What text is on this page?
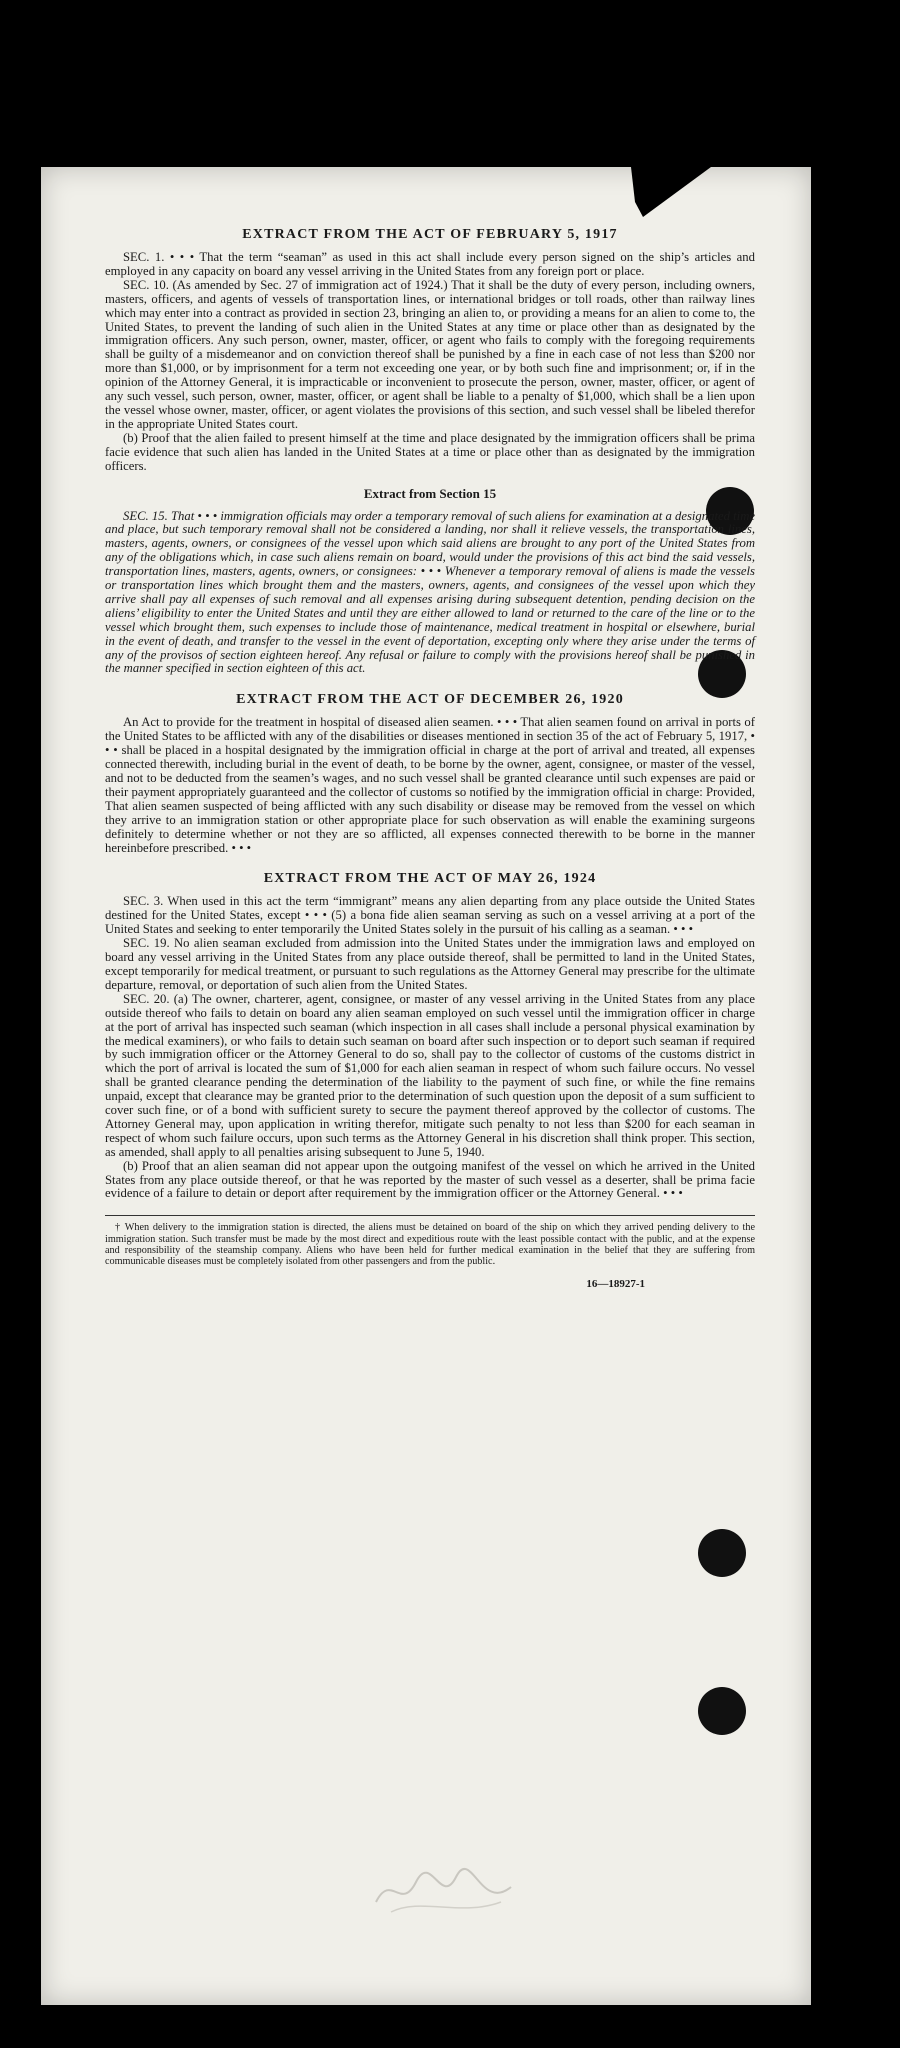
EXTRACT FROM THE ACT OF FEBRUARY 5, 1917

SEC. 1. • • • That the term “seaman” as used in this act shall include every person signed on the ship’s articles and employed in any capacity on board any vessel arriving in the United States from any foreign port or place.

SEC. 10. (As amended by Sec. 27 of immigration act of 1924.) That it shall be the duty of every person, including owners, masters, officers, and agents of vessels of transportation lines, or international bridges or toll roads, other than railway lines which may enter into a contract as provided in section 23, bringing an alien to, or providing a means for an alien to come to, the United States, to prevent the landing of such alien in the United States at any time or place other than as designated by the immigration officers. Any such person, owner, master, officer, or agent who fails to comply with the foregoing requirements shall be guilty of a misdemeanor and on conviction thereof shall be punished by a fine in each case of not less than $200 nor more than $1,000, or by imprisonment for a term not exceeding one year, or by both such fine and imprisonment; or, if in the opinion of the Attorney General, it is impracticable or inconvenient to prosecute the person, owner, master, officer, or agent of any such vessel, such person, owner, master, officer, or agent shall be liable to a penalty of $1,000, which shall be a lien upon the vessel whose owner, master, officer, or agent violates the provisions of this section, and such vessel shall be libeled therefor in the appropriate United States court.

(b) Proof that the alien failed to present himself at the time and place designated by the immigration officers shall be prima facie evidence that such alien has landed in the United States at a time or place other than as designated by the immigration officers.

Extract from Section 15

SEC. 15. That • • • immigration officials may order a temporary removal of such aliens for examination at a designated time and place, but such temporary removal shall not be considered a landing, nor shall it relieve vessels, the transportation lines, masters, agents, owners, or consignees of the vessel upon which said aliens are brought to any port of the United States from any of the obligations which, in case such aliens remain on board, would under the provisions of this act bind the said vessels, transportation lines, masters, agents, owners, or consignees: • • • Whenever a temporary removal of aliens is made the vessels or transportation lines which brought them and the masters, owners, agents, and consignees of the vessel upon which they arrive shall pay all expenses of such removal and all expenses arising during subsequent detention, pending decision on the aliens’ eligibility to enter the United States and until they are either allowed to land or returned to the care of the line or to the vessel which brought them, such expenses to include those of maintenance, medical treatment in hospital or elsewhere, burial in the event of death, and transfer to the vessel in the event of deportation, excepting only where they arise under the terms of any of the provisos of section eighteen hereof. Any refusal or failure to comply with the provisions hereof shall be punished in the manner specified in section eighteen of this act.

EXTRACT FROM THE ACT OF DECEMBER 26, 1920

An Act to provide for the treatment in hospital of diseased alien seamen. • • • That alien seamen found on arrival in ports of the United States to be afflicted with any of the disabilities or diseases mentioned in section 35 of the act of February 5, 1917, • • • shall be placed in a hospital designated by the immigration official in charge at the port of arrival and treated, all expenses connected therewith, including burial in the event of death, to be borne by the owner, agent, consignee, or master of the vessel, and not to be deducted from the seamen’s wages, and no such vessel shall be granted clearance until such expenses are paid or their payment appropriately guaranteed and the collector of customs so notified by the immigration official in charge: Provided, That alien seamen suspected of being afflicted with any such disability or disease may be removed from the vessel on which they arrive to an immigration station or other appropriate place for such observation as will enable the examining surgeons definitely to determine whether or not they are so afflicted, all expenses connected therewith to be borne in the manner hereinbefore prescribed. • • •

EXTRACT FROM THE ACT OF MAY 26, 1924

SEC. 3. When used in this act the term “immigrant” means any alien departing from any place outside the United States destined for the United States, except • • • (5) a bona fide alien seaman serving as such on a vessel arriving at a port of the United States and seeking to enter temporarily the United States solely in the pursuit of his calling as a seaman. • • •

SEC. 19. No alien seaman excluded from admission into the United States under the immigration laws and employed on board any vessel arriving in the United States from any place outside thereof, shall be permitted to land in the United States, except temporarily for medical treatment, or pursuant to such regulations as the Attorney General may prescribe for the ultimate departure, removal, or deportation of such alien from the United States.

SEC. 20. (a) The owner, charterer, agent, consignee, or master of any vessel arriving in the United States from any place outside thereof who fails to detain on board any alien seaman employed on such vessel until the immigration officer in charge at the port of arrival has inspected such seaman (which inspection in all cases shall include a personal physical examination by the medical examiners), or who fails to detain such seaman on board after such inspection or to deport such seaman if required by such immigration officer or the Attorney General to do so, shall pay to the collector of customs of the customs district in which the port of arrival is located the sum of $1,000 for each alien seaman in respect of whom such failure occurs. No vessel shall be granted clearance pending the determination of the liability to the payment of such fine, or while the fine remains unpaid, except that clearance may be granted prior to the determination of such question upon the deposit of a sum sufficient to cover such fine, or of a bond with sufficient surety to secure the payment thereof approved by the collector of customs. The Attorney General may, upon application in writing therefor, mitigate such penalty to not less than $200 for each seaman in respect of whom such failure occurs, upon such terms as the Attorney General in his discretion shall think proper. This section, as amended, shall apply to all penalties arising subsequent to June 5, 1940.

(b) Proof that an alien seaman did not appear upon the outgoing manifest of the vessel on which he arrived in the United States from any place outside thereof, or that he was reported by the master of such vessel as a deserter, shall be prima facie evidence of a failure to detain or deport after requirement by the immigration officer or the Attorney General. • • •

† When delivery to the immigration station is directed, the aliens must be detained on board of the ship on which they arrived pending delivery to the immigration station. Such transfer must be made by the most direct and expeditious route with the least possible contact with the public, and at the expense and responsibility of the steamship company. Aliens who have been held for further medical examination in the belief that they are suffering from communicable diseases must be completely isolated from other passengers and from the public.

16—18927-1
